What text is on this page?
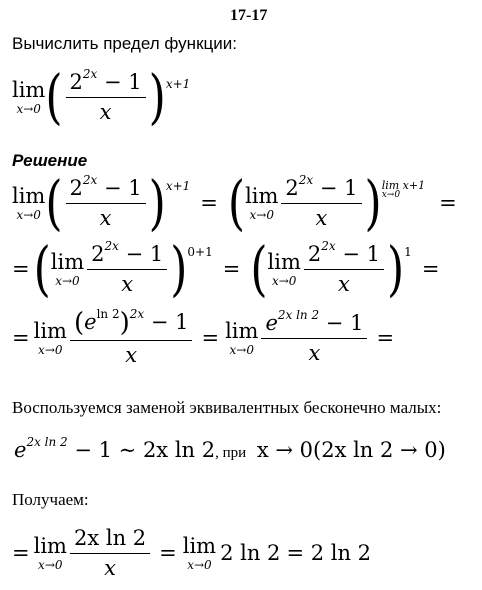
17-17
Вычислить предел функции:
lim
x→0 ( $\frac{2^{2x} - 1}{x}$ ) x+1
Решение
lim
x→0 ( $\frac{2^{2x} - 1}{x}$ ) x+1
= ( lim
$x\to 0 \frac{2^{2x} - 1}{x}$ ) lim x+1
x→0	=
= ( lim
$x\to 0 \frac{2^{2x} - 1}{x}$ ) 0+1
= ( lim
$x\to 0 \frac{2^{2x} - 1}{x}$ ) 1
=
= lim
$x\to 0 \frac{(e^{ln 2})^{2x} - 1}{x} = \lim$
$x\to 0 \frac{e^{2x ln 2} - 1}{x}$ =
Воспользуемся заменой эквивалентных бесконечно малых:
$e^{2x ln 2} - 1$ ∼ 2x ln 2, при x → 0(2x ln 2 → 0)
Получаем:
= lim
$x\to 0 \frac{\text{2x ln 2}}{x} = \lim$
x→0 2 ln 2 = 2 ln 2
